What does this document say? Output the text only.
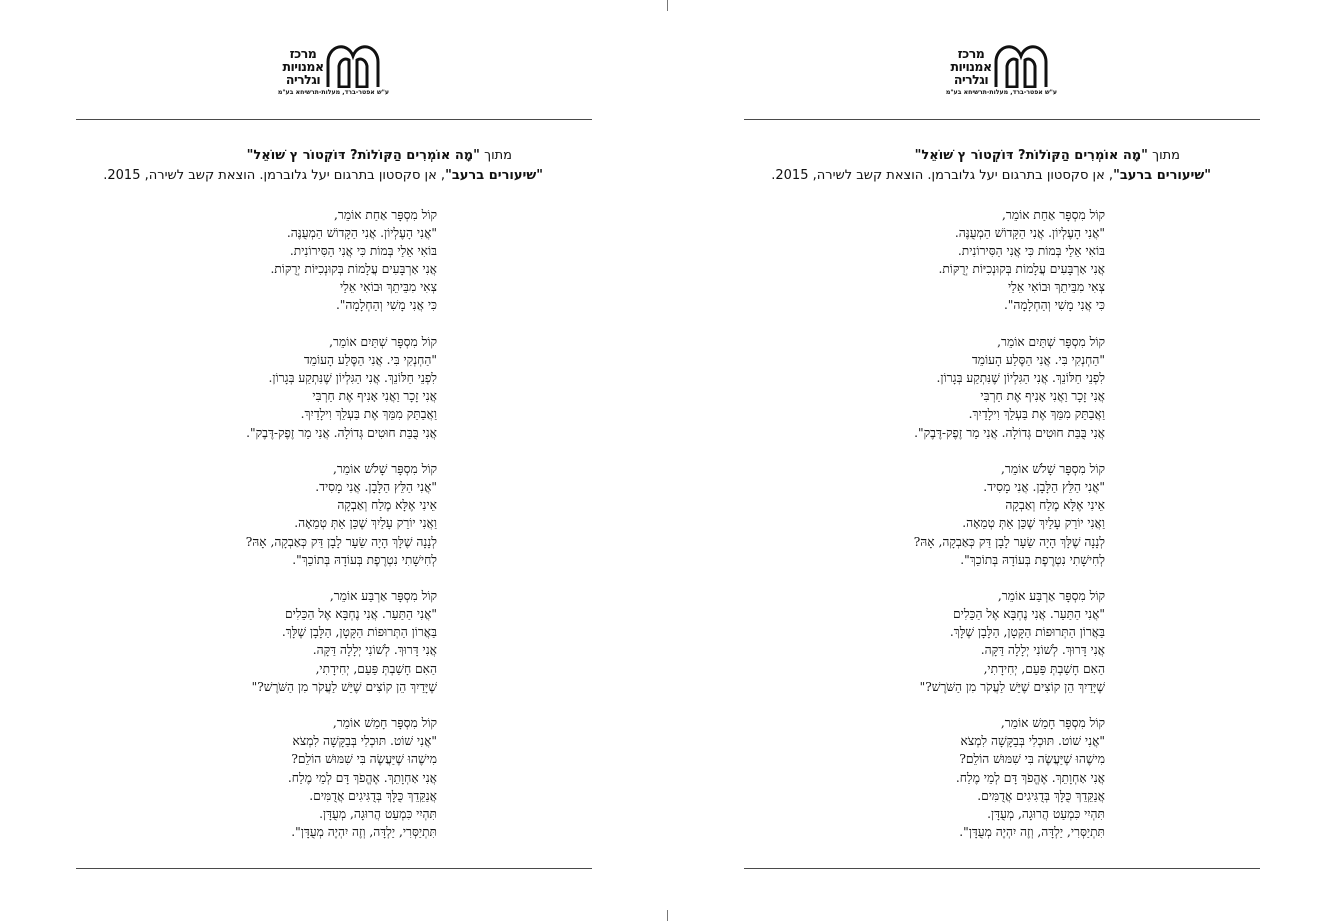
מרכז
אמנויות
וגלריה
ע"ש אפטר-ברד, מעלות-תרשיחא בע"מ
מתוך "מָה אוֹמְרִים הַקּוֹלוֹת? דּוֹקְטוֹר ץ שׁוֹאֵל"
"שיעורים ברעב", אן סקסטון בתרגום יעל גלוברמן. הוצאת קשב לשירה, 2015.
קוֹל מִסְפָּר אַחַת אוֹמֵר,
"אֲנִי הָעֶלְיוֹן. אֲנִי הַקָּדוֹשׁ הַמְעֻנֶּה.
בּוֹאִי אֵלַי בְּמוֹת כִּי אֲנִי הַסִּירוֹנִית.
אֲנִי אַרְבָּעִים עֲלָמוֹת בְּקוּנְכִיּוֹת יְרֻקּוֹת.
צְאִי מִבֵּיתֵךְ וּבוֹאִי אֵלַי
כִּי אֲנִי מָשִׁי וְהַחְלָמָה".
קוֹל מִסְפָּר שְׁתַּיִם אוֹמֵר,
"הַחְנְקִי בִּי. אֲנִי הַסֶּלַע הָעוֹמֵד
לִפְנֵי חַלּוֹנֵךְ. אֲנִי הַגִּלְיוֹן שֶׁנִּתְקַע בְּגָרוֹן.
אֲנִי זָכָר וַאֲנִי אָנִיף אֶת חַרְבִּי
וַאֲבַתֵּק מִמֵּךְ אֶת בַּעְלֵךְ וִילָדַיִךְ.
אֲנִי בֻּבַּת חוּטִים גְּדוֹלָה. אֲנִי מַר זֶפֶק-דֶּבֶק".
קוֹל מִסְפָּר שָׁלֹשׁ אוֹמֵר,
"אֲנִי הַלֵּץ הַלָּבָן. אֲנִי מָסִיד.
אֵינִי אֶלָּא מֶלַח וְאַבְקָה
וַאֲנִי יוֹרֵק עָלַיִךְ שֶׁכֵּן אַתְּ טְמֵאָה.
לְנָנָה שֶׁלָּךְ הָיָה שֵׂעָר לָבָן דַּק כְּאַבְקָה, אָהּ?
לְחִישָׁתִי נִטְרֶפֶת בְּעוֹדָהּ בְּתוֹכֵךְ".
קוֹל מִסְפָּר אַרְבַּע אוֹמֵר,
"אֲנִי הַתַּעַר. אֲנִי נֶחְבָּא אֶל הַכֵּלִים
בַּאֲרוֹן הַתְּרוּפוֹת הַקָּטָן, הַלָּבָן שֶׁלָּךְ.
אֲנִי דָּרוּךְ. לְשׁוֹנִי יְלָלָה דַּקָּה.
הַאִם חָשַׁבְתְּ פַּעַם, יְחִידָתִי,
שֶׁיָּדַיִךְ הֵן קוֹצִים שֶׁיֵּשׁ לַעֲקֹר מִן הַשֹּׁרֶשׁ?"
קוֹל מִסְפָּר חָמֵשׁ אוֹמֵר,
"אֲנִי שׁוֹט. תּוּכְלִי בְּבַקָּשָׁה לִמְצֹא
מִישֶׁהוּ שֶׁיַּעֲשֶׂה בִּי שִׁמּוּשׁ הוֹלֵם?
אֲנִי אַחְוָתֵךְ. אֶהֱפֹךְ דָּם לְמֵי מֶלַח.
אֲנַקֵּדֵךְ כֻּלָּךְ בְּדֻגִּיגִים אֲדֻמִּים.
תִּהְיִי כִּמְעַט הֲרוּגָה, מְעֻדָּן.
תִּתְיַסְּרִי, יַלְדָּה, וְזֶה יִהְיֶה מְעֻדָּן".
מרכז
אמנויות
וגלריה
ע"ש אפטר-ברד, מעלות-תרשיחא בע"מ
מתוך "מָה אוֹמְרִים הַקּוֹלוֹת? דּוֹקְטוֹר ץ שׁוֹאֵל"
"שיעורים ברעב", אן סקסטון בתרגום יעל גלוברמן. הוצאת קשב לשירה, 2015.
קוֹל מִסְפָּר אַחַת אוֹמֵר,
"אֲנִי הָעֶלְיוֹן. אֲנִי הַקָּדוֹשׁ הַמְעֻנֶּה.
בּוֹאִי אֵלַי בְּמוֹת כִּי אֲנִי הַסִּירוֹנִית.
אֲנִי אַרְבָּעִים עֲלָמוֹת בְּקוּנְכִיּוֹת יְרֻקּוֹת.
צְאִי מִבֵּיתֵךְ וּבוֹאִי אֵלַי
כִּי אֲנִי מָשִׁי וְהַחְלָמָה".
קוֹל מִסְפָּר שְׁתַּיִם אוֹמֵר,
"הַחְנְקִי בִּי. אֲנִי הַסֶּלַע הָעוֹמֵד
לִפְנֵי חַלּוֹנֵךְ. אֲנִי הַגִּלְיוֹן שֶׁנִּתְקַע בְּגָרוֹן.
אֲנִי זָכָר וַאֲנִי אָנִיף אֶת חַרְבִּי
וַאֲבַתֵּק מִמֵּךְ אֶת בַּעְלֵךְ וִילָדַיִךְ.
אֲנִי בֻּבַּת חוּטִים גְּדוֹלָה. אֲנִי מַר זֶפֶק-דֶּבֶק".
קוֹל מִסְפָּר שָׁלֹשׁ אוֹמֵר,
"אֲנִי הַלֵּץ הַלָּבָן. אֲנִי מָסִיד.
אֵינִי אֶלָּא מֶלַח וְאַבְקָה
וַאֲנִי יוֹרֵק עָלַיִךְ שֶׁכֵּן אַתְּ טְמֵאָה.
לְנָנָה שֶׁלָּךְ הָיָה שֵׂעָר לָבָן דַּק כְּאַבְקָה, אָהּ?
לְחִישָׁתִי נִטְרֶפֶת בְּעוֹדָהּ בְּתוֹכֵךְ".
קוֹל מִסְפָּר אַרְבַּע אוֹמֵר,
"אֲנִי הַתַּעַר. אֲנִי נֶחְבָּא אֶל הַכֵּלִים
בַּאֲרוֹן הַתְּרוּפוֹת הַקָּטָן, הַלָּבָן שֶׁלָּךְ.
אֲנִי דָּרוּךְ. לְשׁוֹנִי יְלָלָה דַּקָּה.
הַאִם חָשַׁבְתְּ פַּעַם, יְחִידָתִי,
שֶׁיָּדַיִךְ הֵן קוֹצִים שֶׁיֵּשׁ לַעֲקֹר מִן הַשֹּׁרֶשׁ?"
קוֹל מִסְפָּר חָמֵשׁ אוֹמֵר,
"אֲנִי שׁוֹט. תּוּכְלִי בְּבַקָּשָׁה לִמְצֹא
מִישֶׁהוּ שֶׁיַּעֲשֶׂה בִּי שִׁמּוּשׁ הוֹלֵם?
אֲנִי אַחְוָתֵךְ. אֶהֱפֹךְ דָּם לְמֵי מֶלַח.
אֲנַקֵּדֵךְ כֻּלָּךְ בְּדֻגִּיגִים אֲדֻמִּים.
תִּהְיִי כִּמְעַט הֲרוּגָה, מְעֻדָּן.
תִּתְיַסְּרִי, יַלְדָּה, וְזֶה יִהְיֶה מְעֻדָּן".
